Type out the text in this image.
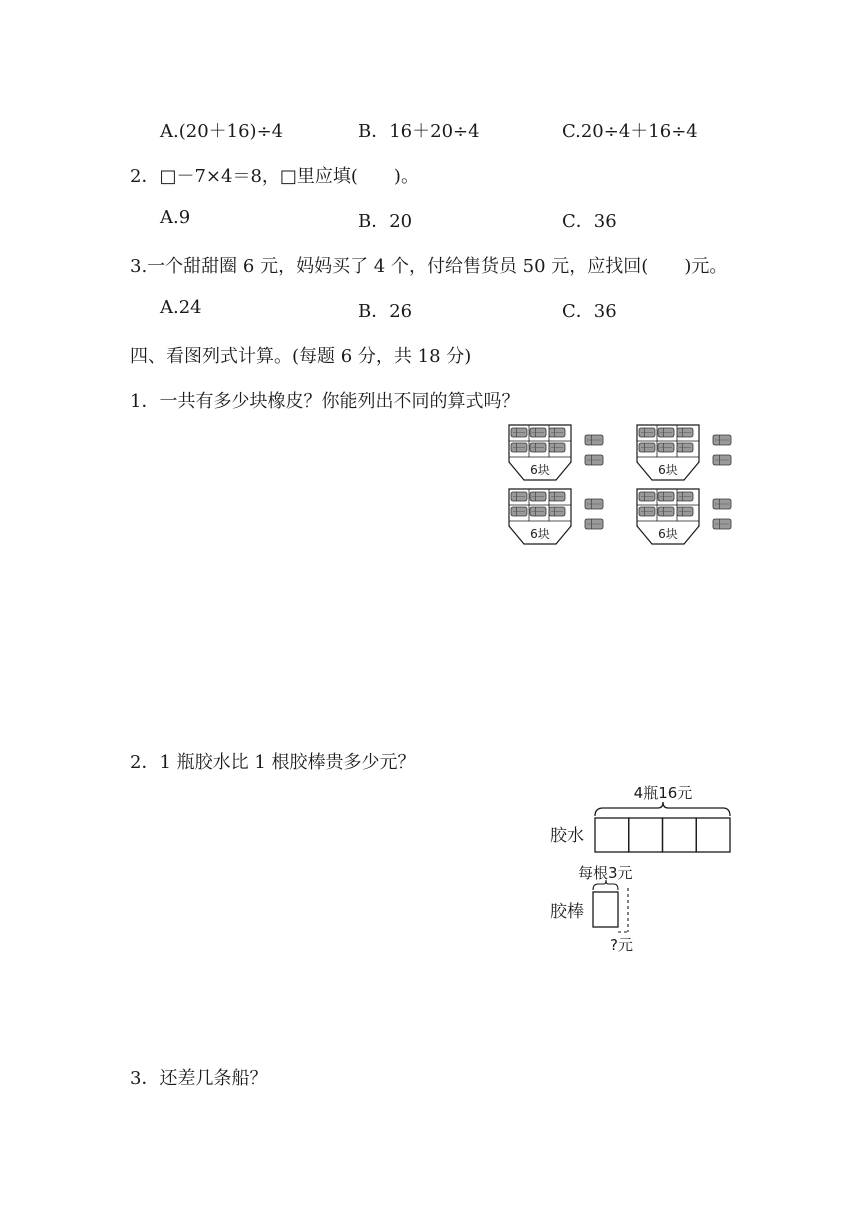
A.(20＋16)÷4	B．16＋20÷4	C.20÷4＋16÷4
2．□－7×4＝8，□里应填(　　)。
A.9	B．20	C．36
3.一个甜甜圈 6 元，妈妈买了 4 个，付给售货员 50 元，应找回(　　)元。
A.24	B．26	C．36
四、看图列式计算。(每题 6 分，共 18 分)
1．一共有多少块橡皮？你能列出不同的算式吗？
6块	6块
6块	6块
2．1 瓶胶水比 1 根胶棒贵多少元？
4瓶16元
胶水
每根3元
胶棒
?元
3．还差几条船？
